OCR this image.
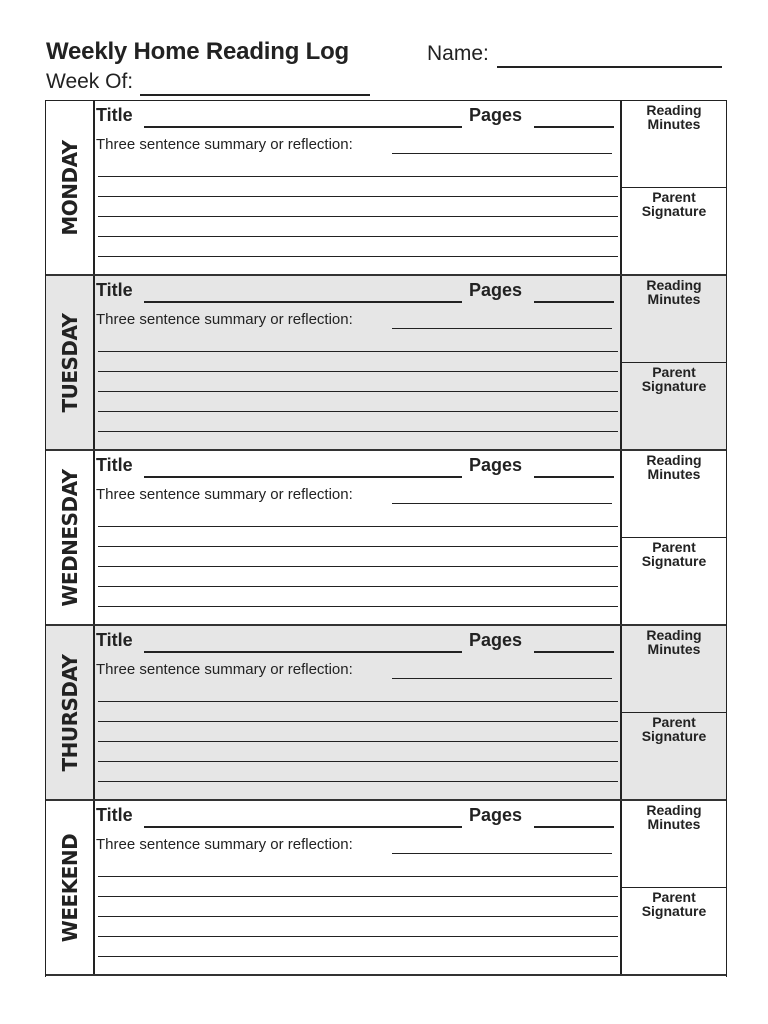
Weekly Home Reading Log	Name:
Week Of:
MONDAY
Title	Pages
Three sentence summary or reflection:
Reading
Minutes
Parent
Signature
TUESDAY
Title	Pages
Three sentence summary or reflection:
Reading
Minutes
Parent
Signature
WEDNESDAY
Title	Pages
Three sentence summary or reflection:
Reading
Minutes
Parent
Signature
THURSDAY
Title	Pages
Three sentence summary or reflection:
Reading
Minutes
Parent
Signature
WEEKEND
Title	Pages
Three sentence summary or reflection:
Reading
Minutes
Parent
Signature
